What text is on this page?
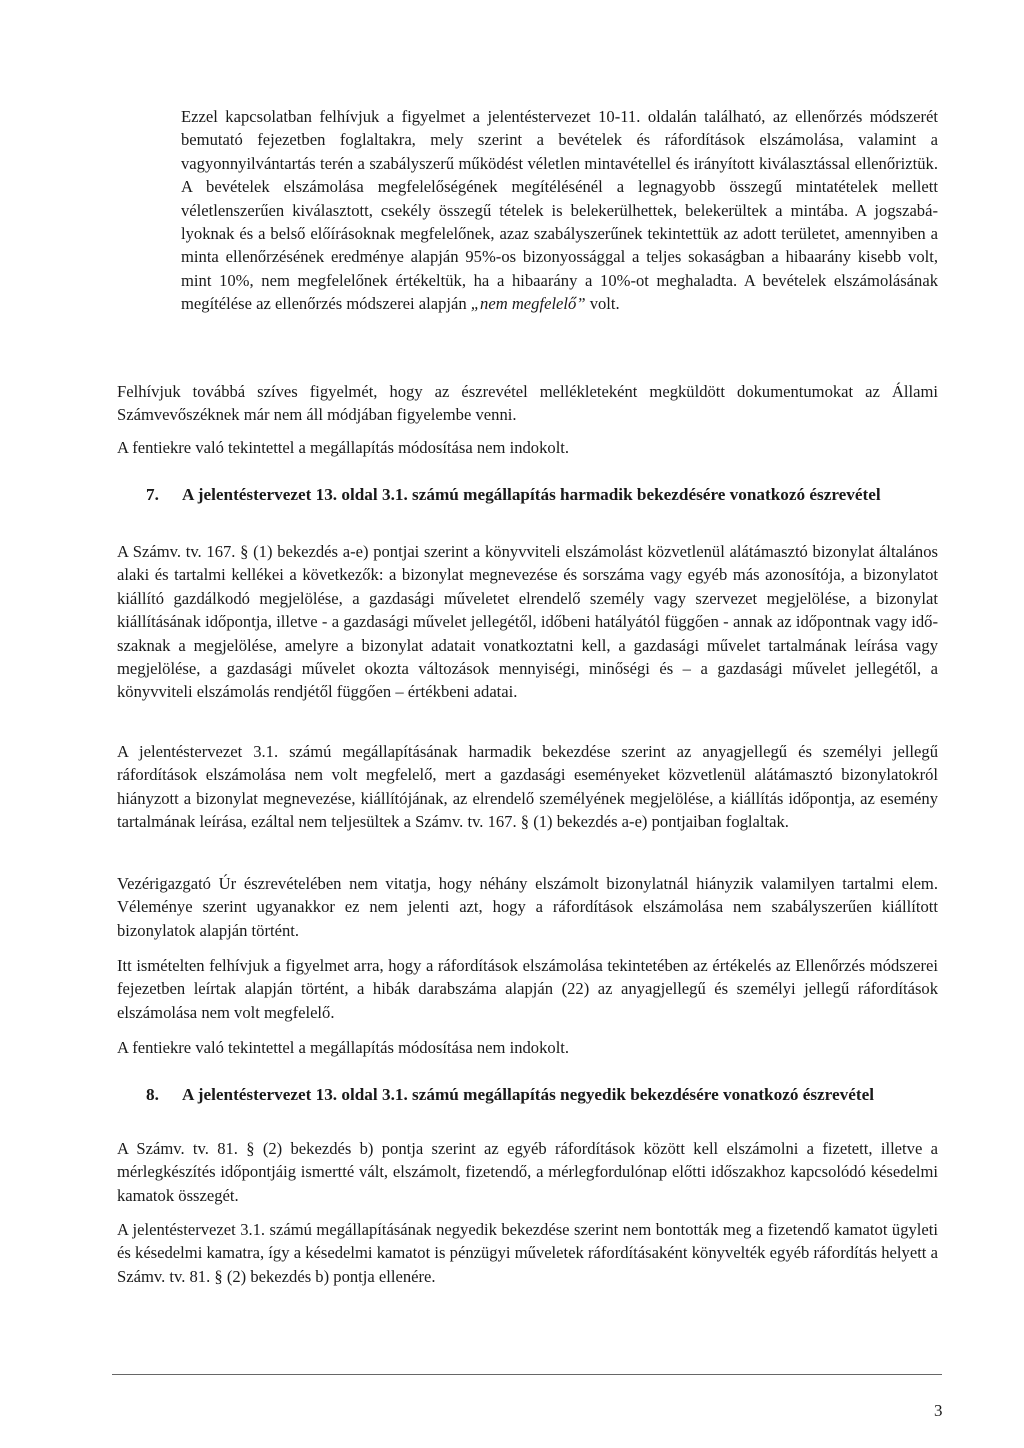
Ezzel kapcsolatban felhívjuk a figyelmet a jelentéstervezet 10-11. oldalán található, az ellenőrzés módszerét bemutató fejezetben foglaltakra, mely szerint a bevételek és ráfordítások elszámolása, valamint a vagyonnyilvántartás terén a szabályszerű működést véletlen mintavétellel és irányított kiválasztással ellenőriztük. A bevételek elszámolása megfelelőségének megítélésénél a legnagyobb összegű mintatételek mellett véletlenszerűen kiválasztott, csekély összegű tételek is belekerülhettek, belekerültek a mintába. A jogszabályoknak és a belső előírásoknak megfelelőnek, azaz szabályszerűnek tekintettük az adott területet, amennyiben a minta ellenőrzésének eredménye alapján 95%-os bizonyossággal a teljes sokaságban a hibaarány kisebb volt, mint 10%, nem megfelelőnek értékeltük, ha a hibaarány a 10%-ot meghaladta. A bevételek elszámolásának megítélése az ellenőrzés módszerei alapján „nem megfelelő” volt.

Felhívjuk továbbá szíves figyelmét, hogy az észrevétel mellékleteként megküldött dokumentumokat az Állami Számvevőszéknek már nem áll módjában figyelembe venni.

A fentiekre való tekintettel a megállapítás módosítása nem indokolt.

7.	A jelentéstervezet 13. oldal 3.1. számú megállapítás harmadik bekezdésére vonatkozó észrevétel

A Számv. tv. 167. § (1) bekezdés a-e) pontjai szerint a könyvviteli elszámolást közvetlenül alátámasztó bizonylat általános alaki és tartalmi kellékei a következők: a bizonylat megnevezése és sorszáma vagy egyéb más azonosítója, a bizonylatot kiállító gazdálkodó megjelölése, a gazdasági műveletet elrendelő személy vagy szervezet megjelölése, a bizonylat kiállításának időpontja, illetve - a gazdasági művelet jellegétől, időbeni hatályától függően - annak az időpontnak vagy időszaknak a megjelölése, amelyre a bizonylat adatait vonatkoztatni kell, a gazdasági művelet tartalmának leírása vagy megjelölése, a gazdasági művelet okozta változások mennyiségi, minőségi és – a gazdasági művelet jellegétől, a könyvviteli elszámolás rendjétől függően – értékbeni adatai.

A jelentéstervezet 3.1. számú megállapításának harmadik bekezdése szerint az anyagjellegű és személyi jellegű ráfordítások elszámolása nem volt megfelelő, mert a gazdasági eseményeket közvetlenül alátámasztó bizonylatokról hiányzott a bizonylat megnevezése, kiállítójának, az elrendelő személyének megjelölése, a kiállítás időpontja, az esemény tartalmának leírása, ezáltal nem teljesültek a Számv. tv. 167. § (1) bekezdés a-e) pontjaiban foglaltak.

Vezérigazgató Úr észrevételében nem vitatja, hogy néhány elszámolt bizonylatnál hiányzik valamilyen tartalmi elem. Véleménye szerint ugyanakkor ez nem jelenti azt, hogy a ráfordítások elszámolása nem szabályszerűen kiállított bizonylatok alapján történt.

Itt ismételten felhívjuk a figyelmet arra, hogy a ráfordítások elszámolása tekintetében az értékelés az Ellenőrzés módszerei fejezetben leírtak alapján történt, a hibák darabszáma alapján (22) az anyagjellegű és személyi jellegű ráfordítások elszámolása nem volt megfelelő.

A fentiekre való tekintettel a megállapítás módosítása nem indokolt.

8.	A jelentéstervezet 13. oldal 3.1. számú megállapítás negyedik bekezdésére vonatkozó észrevétel

A Számv. tv. 81. § (2) bekezdés b) pontja szerint az egyéb ráfordítások között kell elszámolni a fizetett, illetve a mérlegkészítés időpontjáig ismertté vált, elszámolt, fizetendő, a mérlegfordulónap előtti időszakhoz kapcsolódó késedelmi kamatok összegét.

A jelentéstervezet 3.1. számú megállapításának negyedik bekezdése szerint nem bontották meg a fizetendő kamatot ügyleti és késedelmi kamatra, így a késedelmi kamatot is pénzügyi műveletek ráfordításaként könyvelték egyéb ráfordítás helyett a Számv. tv. 81. § (2) bekezdés b) pontja ellenére.

3
